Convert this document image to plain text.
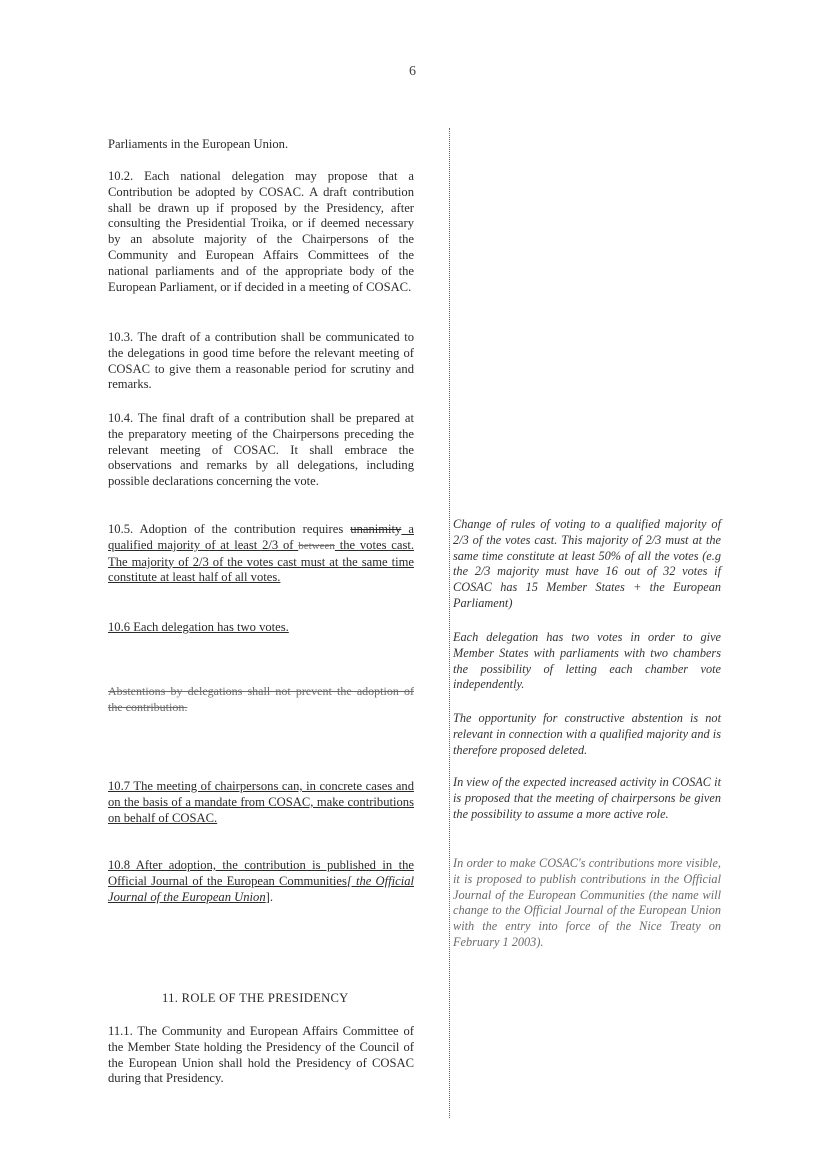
6
Parliaments in the European Union.
10.2. Each national delegation may propose that a Contribution be adopted by COSAC. A draft contribution shall be drawn up if proposed by the Presidency, after consulting the Presidential Troika, or if deemed necessary by an absolute majority of the Chairpersons of the Community and European Affairs Committees of the national parliaments and of the appropriate body of the European Parliament, or if decided in a meeting of COSAC.
10.3. The draft of a contribution shall be communicated to the delegations in good time before the relevant meeting of COSAC to give them a reasonable period for scrutiny and remarks.
10.4. The final draft of a contribution shall be prepared at the preparatory meeting of the Chairpersons preceding the relevant meeting of COSAC. It shall embrace the observations and remarks by all delegations, including possible declarations concerning the vote.
10.5. Adoption of the contribution requires unanimity a qualified majority of at least 2/3 of between the votes cast. The majority of 2/3 of the votes cast must at the same time constitute at least half of all votes.
10.6 Each delegation has two votes.
Abstentions by delegations shall not prevent the adoption of the contribution.
10.7 The meeting of chairpersons can, in concrete cases and on the basis of a mandate from COSAC, make contributions on behalf of COSAC.
10.8 After adoption, the contribution is published in the Official Journal of the European Communities[ the Official Journal of the European Union].
11. ROLE OF THE PRESIDENCY
11.1. The Community and European Affairs Committee of the Member State holding the Presidency of the Council of the European Union shall hold the Presidency of COSAC during that Presidency.
Change of rules of voting to a qualified majority of 2/3 of the votes cast. This majority of 2/3 must at the same time constitute at least 50% of all the votes (e.g the 2/3 majority must have 16 out of 32 votes if COSAC has 15 Member States + the European Parliament)
Each delegation has two votes in order to give Member States with parliaments with two chambers the possibility of letting each chamber vote independently.
The opportunity for constructive abstention is not relevant in connection with a qualified majority and is therefore proposed deleted.
In view of the expected increased activity in COSAC it is proposed that the meeting of chairpersons be given the possibility to assume a more active role.
In order to make COSAC's contributions more visible, it is proposed to publish contributions in the Official Journal of the European Communities (the name will change to the Official Journal of the European Union with the entry into force of the Nice Treaty on February 1 2003).
